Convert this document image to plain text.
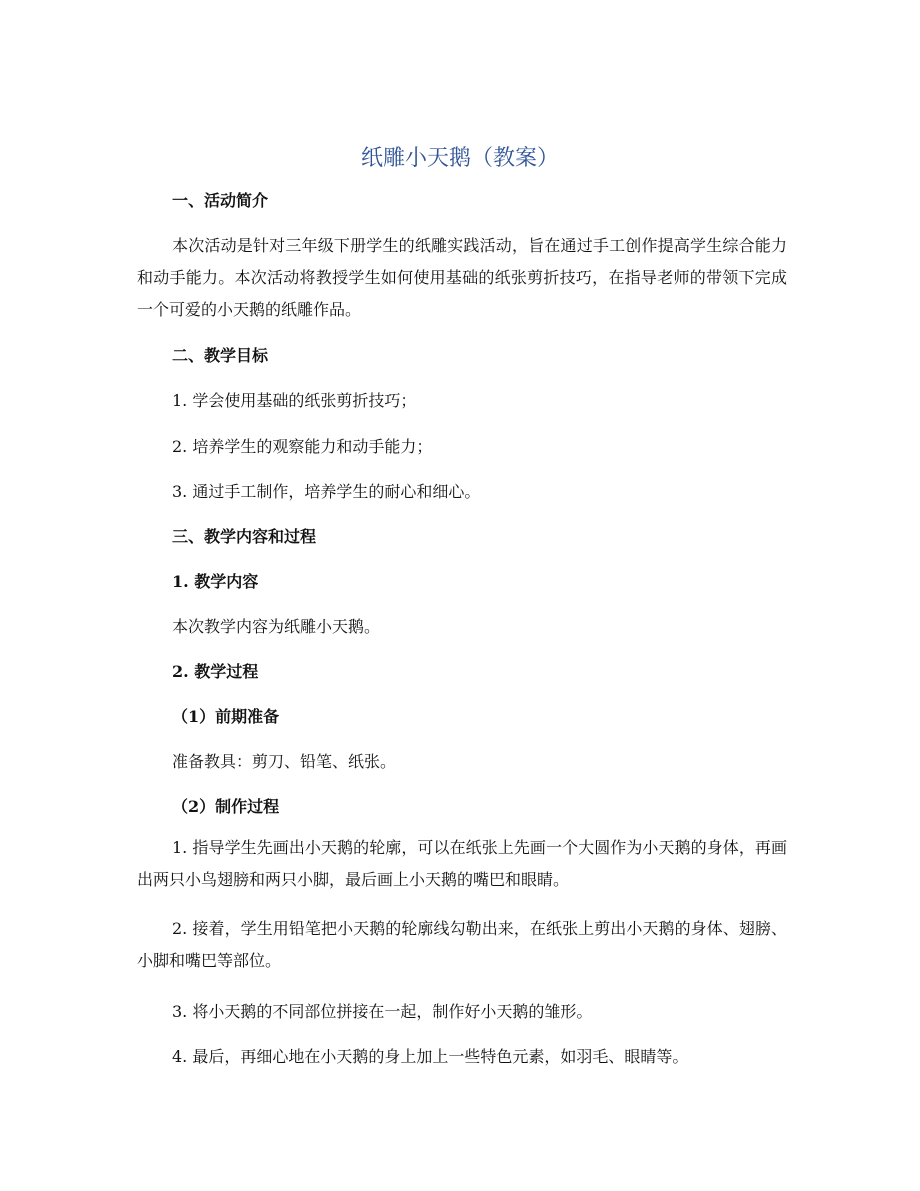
纸雕小天鹅（教案）
一、活动简介
本次活动是针对三年级下册学生的纸雕实践活动，旨在通过手工创作提高学生综合能力和动手能力。本次活动将教授学生如何使用基础的纸张剪折技巧，在指导老师的带领下完成一个可爱的小天鹅的纸雕作品。
二、教学目标
1. 学会使用基础的纸张剪折技巧；
2. 培养学生的观察能力和动手能力；
3. 通过手工制作，培养学生的耐心和细心。
三、教学内容和过程
1. 教学内容
本次教学内容为纸雕小天鹅。
2. 教学过程
（1）前期准备
准备教具：剪刀、铅笔、纸张。
（2）制作过程
1. 指导学生先画出小天鹅的轮廓，可以在纸张上先画一个大圆作为小天鹅的身体，再画出两只小鸟翅膀和两只小脚，最后画上小天鹅的嘴巴和眼睛。
2. 接着，学生用铅笔把小天鹅的轮廓线勾勒出来，在纸张上剪出小天鹅的身体、翅膀、小脚和嘴巴等部位。
3. 将小天鹅的不同部位拼接在一起，制作好小天鹅的雏形。
4. 最后，再细心地在小天鹅的身上加上一些特色元素，如羽毛、眼睛等。
